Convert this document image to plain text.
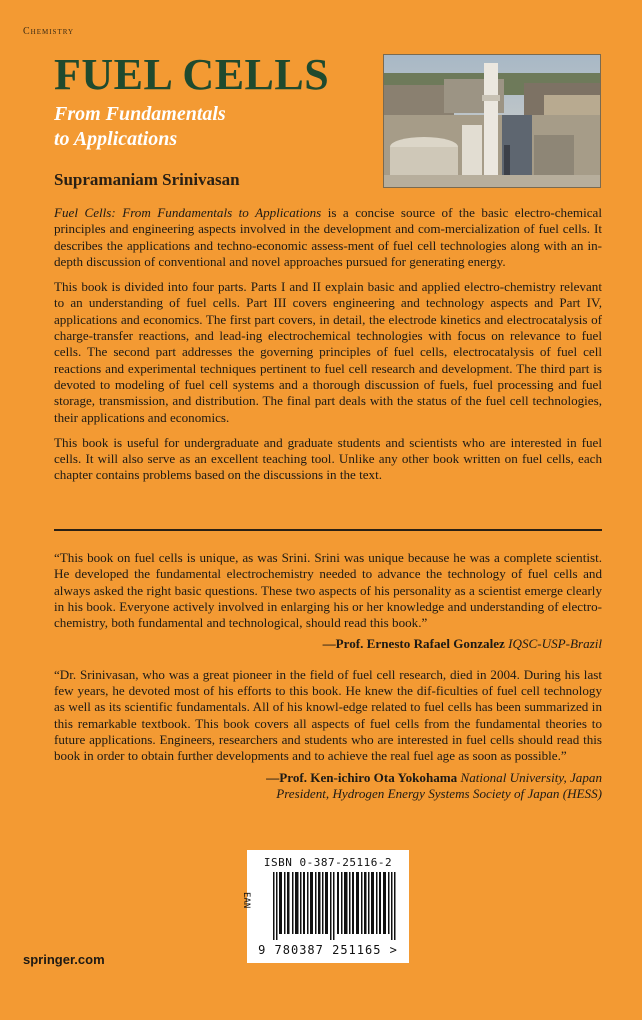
Chemistry
FUEL CELLS
From Fundamentals
to Applications
Supramaniam Srinivasan

Fuel Cells: From Fundamentals to Applications is a concise source of the basic electro-chemical principles and engineering aspects involved in the development and com-mercialization of fuel cells. It describes the applications and techno-economic assess-ment of fuel cell technologies along with an in-depth discussion of conventional and novel approaches pursued for generating energy.

This book is divided into four parts. Parts I and II explain basic and applied electro-chemistry relevant to an understanding of fuel cells. Part III covers engineering and technology aspects and Part IV, applications and economics. The first part covers, in detail, the electrode kinetics and electrocatalysis of charge-transfer reactions, and lead-ing electrochemical technologies with focus on relevance to fuel cells. The second part addresses the governing principles of fuel cells, electrocatalysis of fuel cell reactions and experimental techniques pertinent to fuel cell research and development. The third part is devoted to modeling of fuel cell systems and a thorough discussion of fuels, fuel processing and fuel storage, transmission, and distribution. The final part deals with the status of the fuel cell technologies, their applications and economics.

This book is useful for undergraduate and graduate students and scientists who are interested in fuel cells. It will also serve as an excellent teaching tool. Unlike any other book written on fuel cells, each chapter contains problems based on the discussions in the text.

“This book on fuel cells is unique, as was Srini. Srini was unique because he was a complete scientist. He developed the fundamental electrochemistry needed to advance the technology of fuel cells and always asked the right basic questions. These two aspects of his personality as a scientist emerge clearly in his book. Everyone actively involved in enlarging his or her knowledge and understanding of electro-chemistry, both fundamental and technological, should read this book.”

—Prof. Ernesto Rafael Gonzalez IQSC-USP-Brazil

“Dr. Srinivasan, who was a great pioneer in the field of fuel cell research, died in 2004. During his last few years, he devoted most of his efforts to this book. He knew the dif-ficulties of fuel cell technology as well as its scientific fundamentals. All of his knowl-edge related to fuel cells has been summarized in this remarkable textbook. This book covers all aspects of fuel cells from the fundamental theories to future applications. Engineers, researchers and students who are interested in fuel cells should read this book in order to obtain further developments and to achieve the real fuel age as soon as possible.”

—Prof. Ken-ichiro Ota Yokohama National University, Japan
President, Hydrogen Energy Systems Society of Japan (HESS)
ISBN 0-387-25116-2
EAN
9 780387 251165 >
springer.com
